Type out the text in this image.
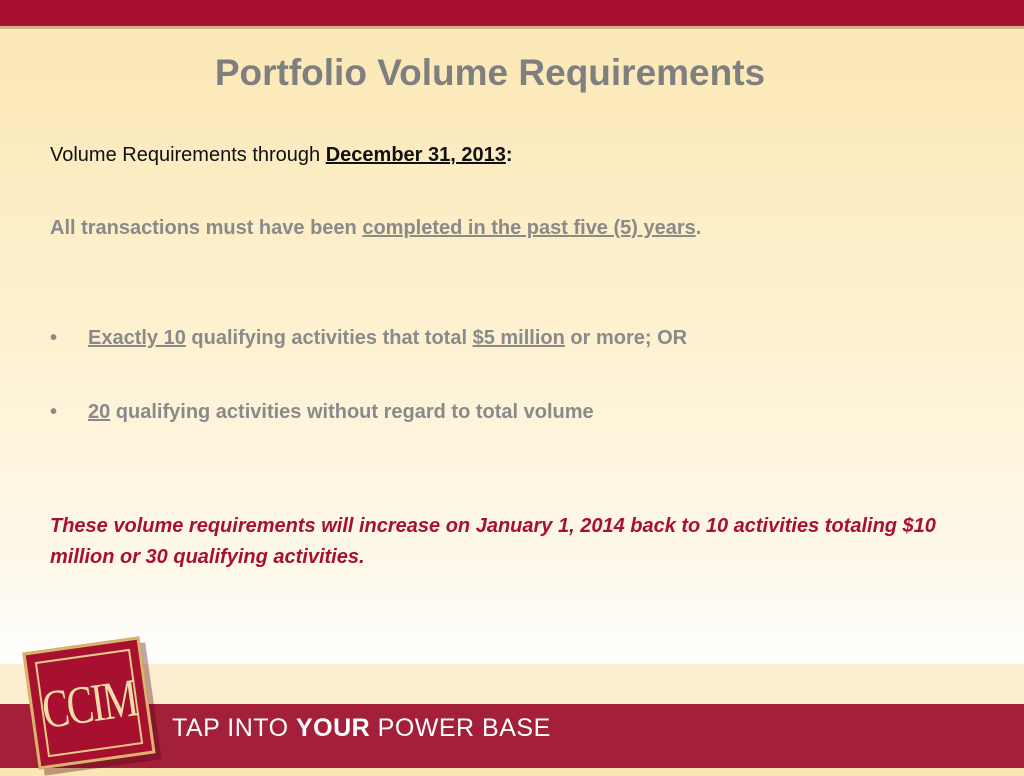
Portfolio Volume Requirements
Volume Requirements through December 31, 2013:
All transactions must have been completed in the past five (5) years.
•	Exactly 10 qualifying activities that total $5 million or more; OR
•	20 qualifying activities without regard to total volume
These volume requirements will increase on January 1, 2014 back to 10 activities totaling $10 million or 30 qualifying activities.
TAP INTO YOUR POWER BASE
CCIM
